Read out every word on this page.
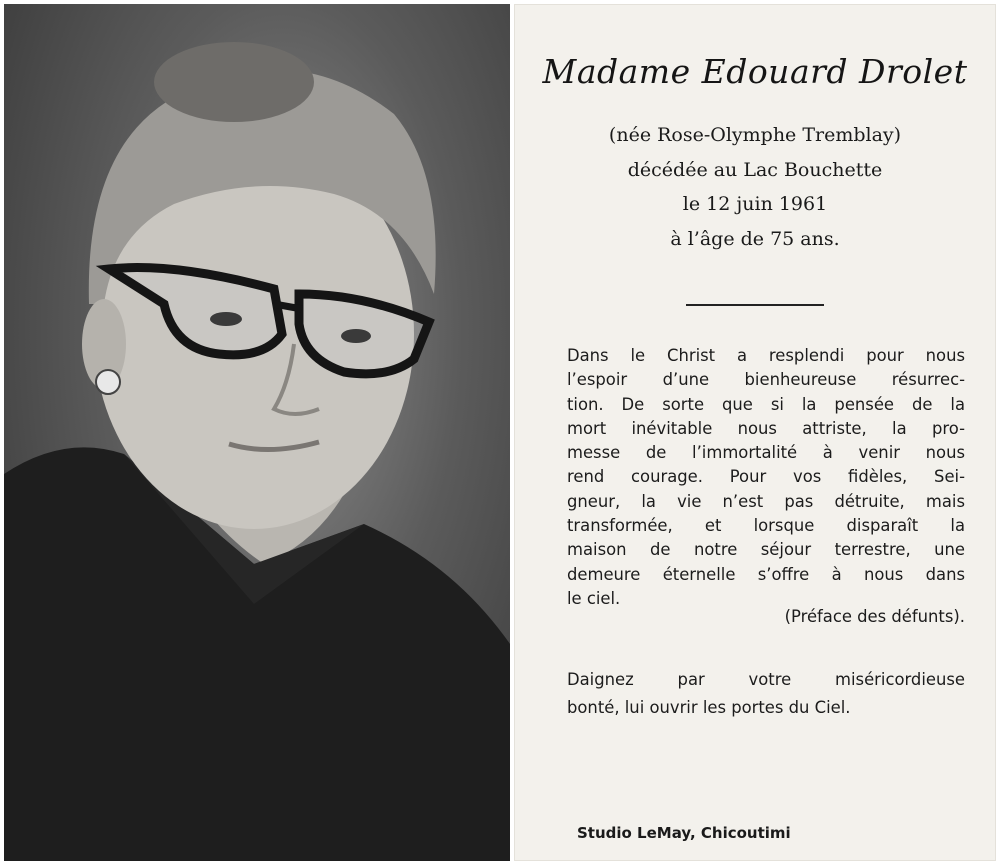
Madame Edouard Drolet
(née Rose-Olymphe Tremblay)
décédée au Lac Bouchette
le 12 juin 1961
à l’âge de 75 ans.
Dans le Christ a resplendi pour nous
l’espoir d’une bienheureuse résurrec-
tion. De sorte que si la pensée de la
mort inévitable nous attriste, la pro-
messe de l’immortalité à venir nous
rend courage. Pour vos fidèles, Sei-
gneur, la vie n’est pas détruite, mais
transformée, et lorsque disparaît la
maison de notre séjour terrestre, une
demeure éternelle s’offre à nous dans
le ciel.
(Préface des défunts).
Daignez par votre miséricordieuse
bonté, lui ouvrir les portes du Ciel.
Studio LeMay, Chicoutimi
